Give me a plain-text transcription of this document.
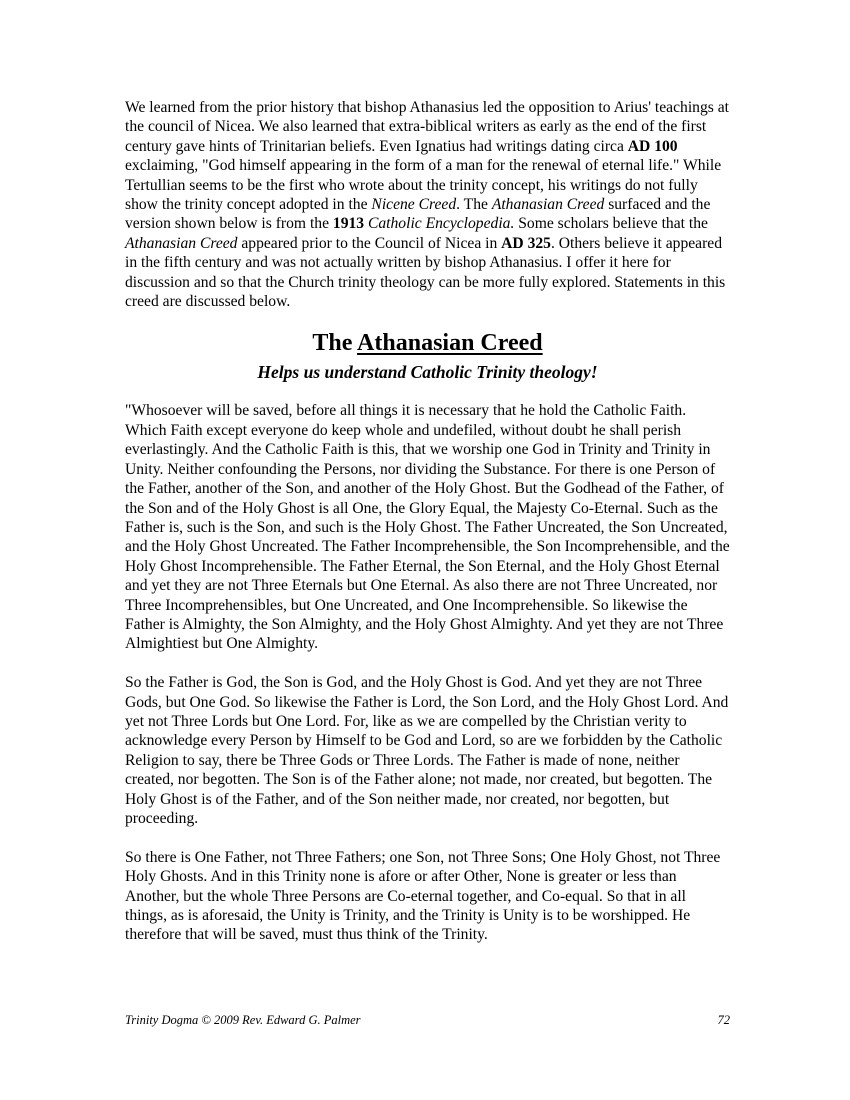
We learned from the prior history that bishop Athanasius led the opposition to Arius' teachings at the council of Nicea. We also learned that extra-biblical writers as early as the end of the first century gave hints of Trinitarian beliefs. Even Ignatius had writings dating circa AD 100 exclaiming, "God himself appearing in the form of a man for the renewal of eternal life." While Tertullian seems to be the first who wrote about the trinity concept, his writings do not fully show the trinity concept adopted in the Nicene Creed. The Athanasian Creed surfaced and the version shown below is from the 1913 Catholic Encyclopedia. Some scholars believe that the Athanasian Creed appeared prior to the Council of Nicea in AD 325. Others believe it appeared in the fifth century and was not actually written by bishop Athanasius. I offer it here for discussion and so that the Church trinity theology can be more fully explored. Statements in this creed are discussed below.

The Athanasian Creed
Helps us understand Catholic Trinity theology!

"Whosoever will be saved, before all things it is necessary that he hold the Catholic Faith. Which Faith except everyone do keep whole and undefiled, without doubt he shall perish everlastingly. And the Catholic Faith is this, that we worship one God in Trinity and Trinity in Unity. Neither confounding the Persons, nor dividing the Substance. For there is one Person of the Father, another of the Son, and another of the Holy Ghost. But the Godhead of the Father, of the Son and of the Holy Ghost is all One, the Glory Equal, the Majesty Co-Eternal. Such as the Father is, such is the Son, and such is the Holy Ghost. The Father Uncreated, the Son Uncreated, and the Holy Ghost Uncreated. The Father Incomprehensible, the Son Incomprehensible, and the Holy Ghost Incomprehensible. The Father Eternal, the Son Eternal, and the Holy Ghost Eternal and yet they are not Three Eternals but One Eternal. As also there are not Three Uncreated, nor Three Incomprehensibles, but One Uncreated, and One Incomprehensible. So likewise the Father is Almighty, the Son Almighty, and the Holy Ghost Almighty. And yet they are not Three Almightiest but One Almighty.

So the Father is God, the Son is God, and the Holy Ghost is God. And yet they are not Three Gods, but One God. So likewise the Father is Lord, the Son Lord, and the Holy Ghost Lord. And yet not Three Lords but One Lord. For, like as we are compelled by the Christian verity to acknowledge every Person by Himself to be God and Lord, so are we forbidden by the Catholic Religion to say, there be Three Gods or Three Lords. The Father is made of none, neither created, nor begotten. The Son is of the Father alone; not made, nor created, but begotten. The Holy Ghost is of the Father, and of the Son neither made, nor created, nor begotten, but proceeding.

So there is One Father, not Three Fathers; one Son, not Three Sons; One Holy Ghost, not Three Holy Ghosts. And in this Trinity none is afore or after Other, None is greater or less than Another, but the whole Three Persons are Co-eternal together, and Co-equal. So that in all things, as is aforesaid, the Unity is Trinity, and the Trinity is Unity is to be worshipped. He therefore that will be saved, must thus think of the Trinity.

Trinity Dogma © 2009 Rev. Edward G. Palmer	72
